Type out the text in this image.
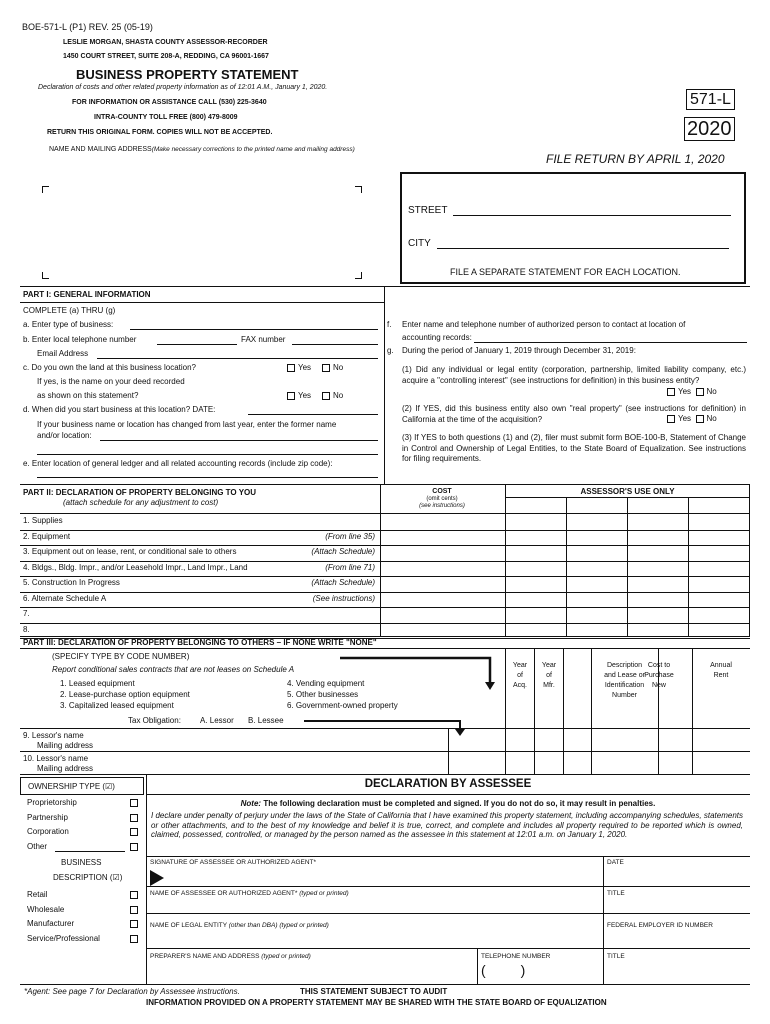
BOE-571-L (P1) REV. 25 (05-19)
LESLIE MORGAN, SHASTA COUNTY ASSESSOR-RECORDER
1450 COURT STREET, SUITE 208-A, REDDING, CA 96001-1667
BUSINESS PROPERTY STATEMENT
Declaration of costs and other related property information as of 12:01 A.M., January 1, 2020.
FOR INFORMATION OR ASSISTANCE CALL (530) 225-3640
INTRA-COUNTY TOLL FREE (800) 479-8009
RETURN THIS ORIGINAL FORM. COPIES WILL NOT BE ACCEPTED.
NAME AND MAILING ADDRESS(Make necessary corrections to the printed name and mailing address)
571-L
2020
FILE RETURN BY APRIL 1, 2020
STREET
CITY
FILE A SEPARATE STATEMENT FOR EACH LOCATION.
PART I: GENERAL INFORMATION
COMPLETE (a) THRU (g)
a. Enter type of business:
b. Enter local telephone number	FAX number
Email Address
c. Do you own the land at this business location?	Yes	No
If yes, is the name on your deed recorded
as shown on this statement?	Yes	No
d. When did you start business at this location? DATE:
If your business name or location has changed from last year, enter the former name
and/or location:
e. Enter location of general ledger and all related accounting records (include zip code):
f. Enter name and telephone number of authorized person to contact at location of
accounting records:
g. During the period of January 1, 2019 through December 31, 2019:
(1) Did any individual or legal entity (corporation, partnership, limited liability company, etc.) acquire a "controlling interest" (see instructions for definition) in this business entity?
Yes No
(2) If YES, did this business entity also own "real property" (see instructions for definition) in California at the time of the acquisition?	Yes No
(3) If YES to both questions (1) and (2), filer must submit form BOE-100-B, Statement of Change in Control and Ownership of Legal Entities, to the State Board of Equalization. See instructions for filing requirements.
PART II: DECLARATION OF PROPERTY BELONGING TO YOU
(attach schedule for any adjustment to cost)
COST
(omit cents)
(see instructions)
ASSESSOR'S USE ONLY
1. Supplies
2. Equipment	(From line 35)
3. Equipment out on lease, rent, or conditional sale to others	(Attach Schedule)
4. Bldgs., Bldg. Impr., and/or Leasehold Impr., Land Impr., Land	(From line 71)
5. Construction In Progress	(Attach Schedule)
6. Alternate Schedule A	(See instructions)
7.
8.
PART III: DECLARATION OF PROPERTY BELONGING TO OTHERS – IF NONE WRITE "NONE"
(SPECIFY TYPE BY CODE NUMBER)
Report conditional sales contracts that are not leases on Schedule A
1. Leased equipment
2. Lease-purchase option equipment
3. Capitalized leased equipment
4. Vending equipment
5. Other businesses
6. Government-owned property
Tax Obligation: A. Lessor B. Lessee
Year
of
Acq.
Year
of
Mfr.
Description
and Lease or
Identification
Number
Cost to
Purchase
New
Annual
Rent
9. Lessor's name
Mailing address
10. Lessor's name
Mailing address
OWNERSHIP TYPE (☑)
Proprietorship
Partnership
Corporation
Other
BUSINESS
DESCRIPTION (☑)
Retail
Wholesale
Manufacturer
Service/Professional
DECLARATION BY ASSESSEE
Note: The following declaration must be completed and signed. If you do not do so, it may result in penalties.
I declare under penalty of perjury under the laws of the State of California that I have examined this property statement, including accompanying schedules, statements or other attachments, and to the best of my knowledge and belief it is true, correct, and complete and includes all property required to be reported which is owned, claimed, possessed, controlled, or managed by the person named as the assessee in this statement at 12:01 a.m. on January 1, 2020.
SIGNATURE OF ASSESSEE OR AUTHORIZED AGENT*	DATE
NAME OF ASSESSEE OR AUTHORIZED AGENT* (typed or printed)	TITLE
NAME OF LEGAL ENTITY (other than DBA) (typed or printed)	FEDERAL EMPLOYER ID NUMBER
PREPARER'S NAME AND ADDRESS (typed or printed)	TELEPHONE NUMBER
(         )
TITLE
*Agent: See page 7 for Declaration by Assessee instructions.	THIS STATEMENT SUBJECT TO AUDIT
INFORMATION PROVIDED ON A PROPERTY STATEMENT MAY BE SHARED WITH THE STATE BOARD OF EQUALIZATION
